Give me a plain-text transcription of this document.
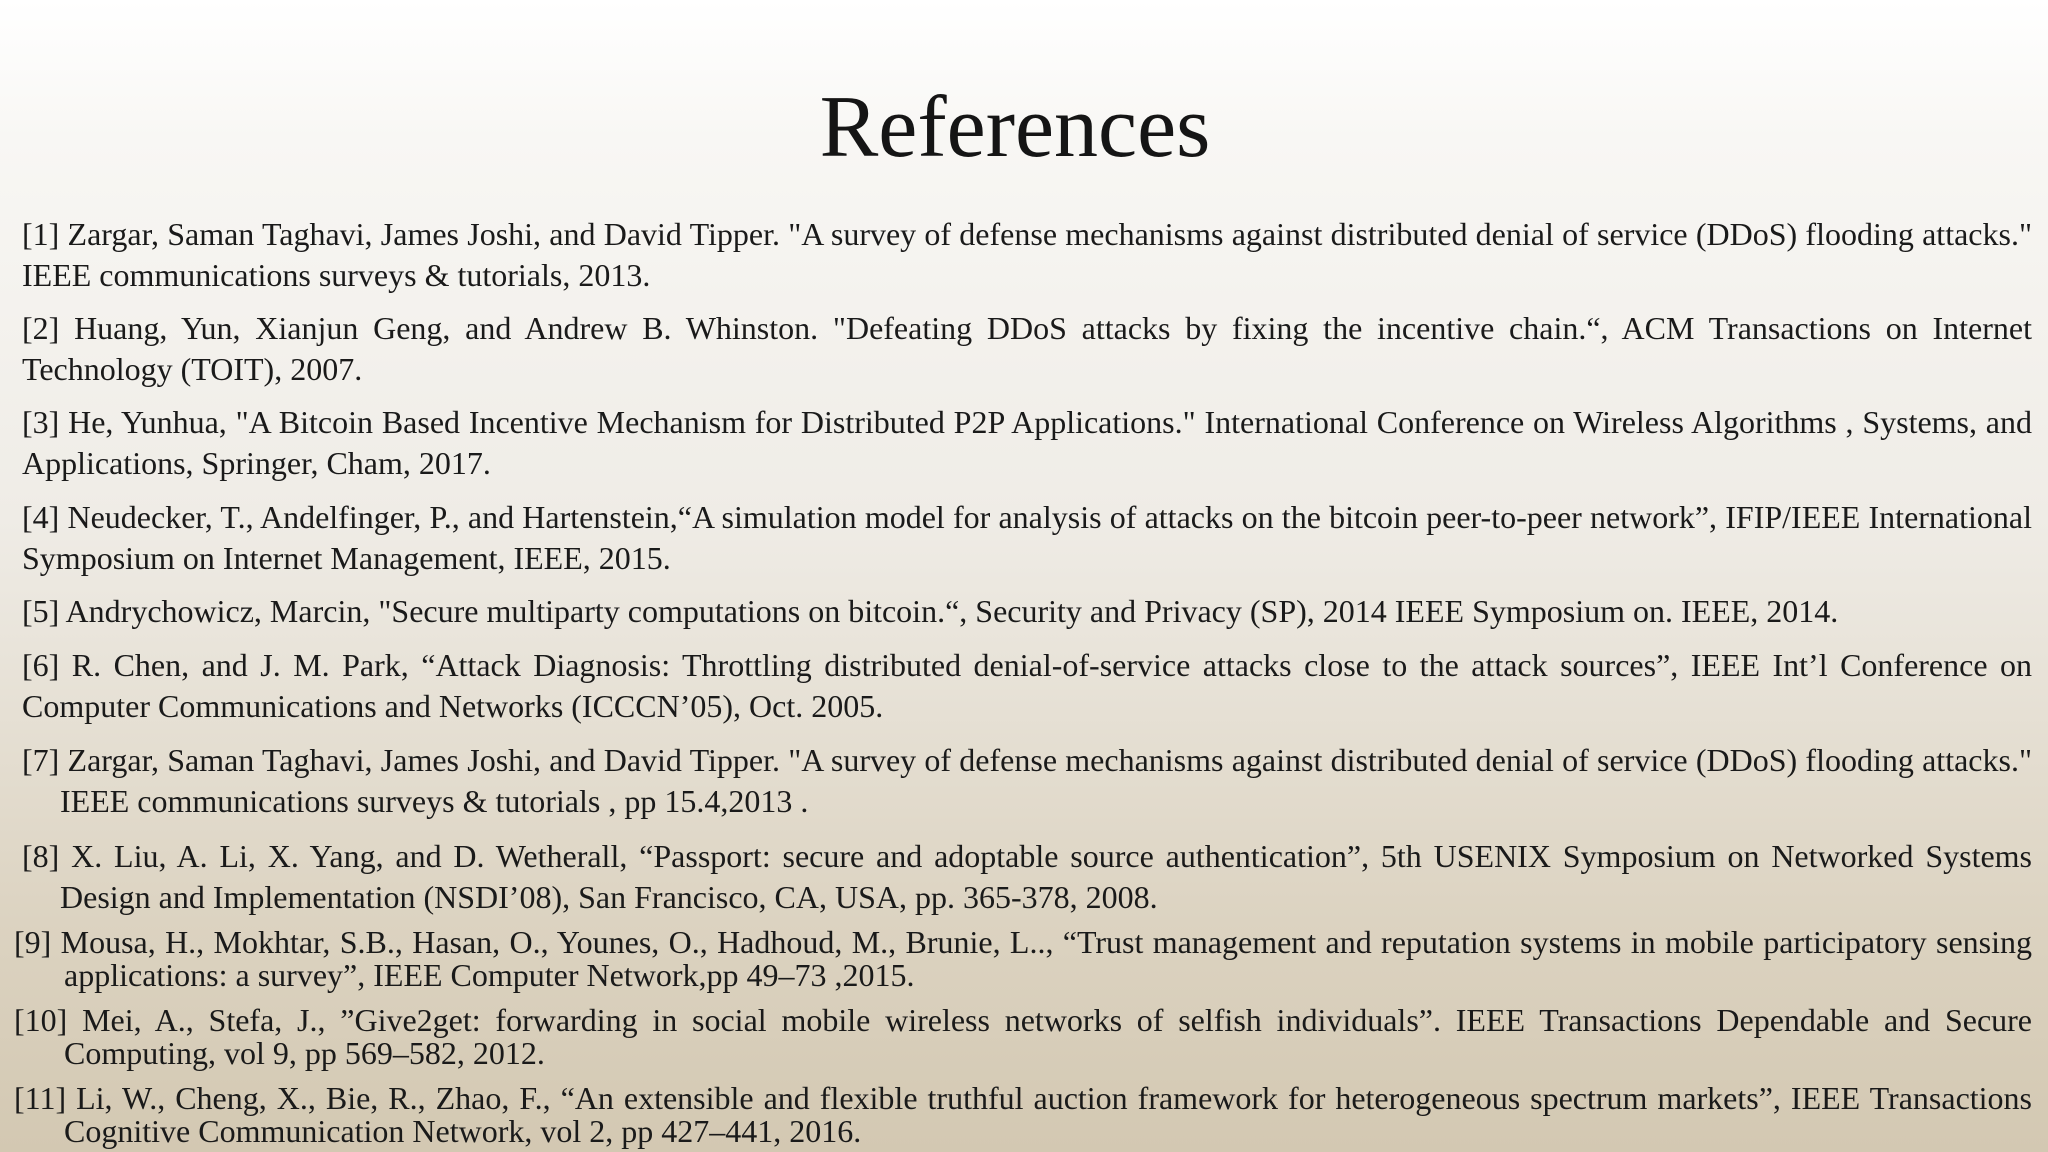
References
[1] Zargar, Saman Taghavi, James Joshi, and David Tipper. "A survey of defense mechanisms against distributed denial of service (DDoS) flooding attacks." IEEE communications surveys & tutorials, 2013.
[2] Huang, Yun, Xianjun Geng, and Andrew B. Whinston. "Defeating DDoS attacks by fixing the incentive chain.“, ACM Transactions on Internet Technology (TOIT), 2007.
[3] He, Yunhua, "A Bitcoin Based Incentive Mechanism for Distributed P2P Applications." International Conference on Wireless Algorithms , Systems, and Applications, Springer, Cham, 2017.
[4] Neudecker, T., Andelfinger, P., and Hartenstein,“A simulation model for analysis of attacks on the bitcoin peer-to-peer network”, IFIP/IEEE International Symposium on Internet Management, IEEE, 2015.
[5] Andrychowicz, Marcin, "Secure multiparty computations on bitcoin.“, Security and Privacy (SP), 2014 IEEE Symposium on. IEEE, 2014.
[6] R. Chen, and J. M. Park, “Attack Diagnosis: Throttling distributed denial-of-service attacks close to the attack sources”, IEEE Int’l Conference on Computer Communications and Networks (ICCCN’05), Oct. 2005.
[7] Zargar, Saman Taghavi, James Joshi, and David Tipper. "A survey of defense mechanisms against distributed denial of service (DDoS) flooding attacks." IEEE communications surveys & tutorials , pp 15.4,2013 .
[8] X. Liu, A. Li, X. Yang, and D. Wetherall, “Passport: secure and adoptable source authentication”, 5th USENIX Symposium on Networked Systems Design and Implementation (NSDI’08), San Francisco, CA, USA, pp. 365-378, 2008.
[9] Mousa, H., Mokhtar, S.B., Hasan, O., Younes, O., Hadhoud, M., Brunie, L.., “Trust management and reputation systems in mobile participatory sensing applications: a survey”, IEEE Computer Network,pp 49–73 ,2015.
[10] Mei, A., Stefa, J., ”Give2get: forwarding in social mobile wireless networks of selfish individuals”. IEEE Transactions Dependable and Secure Computing, vol 9, pp 569–582, 2012.
[11] Li, W., Cheng, X., Bie, R., Zhao, F., “An extensible and flexible truthful auction framework for heterogeneous spectrum markets”, IEEE Transactions Cognitive Communication Network, vol 2, pp 427–441, 2016.
